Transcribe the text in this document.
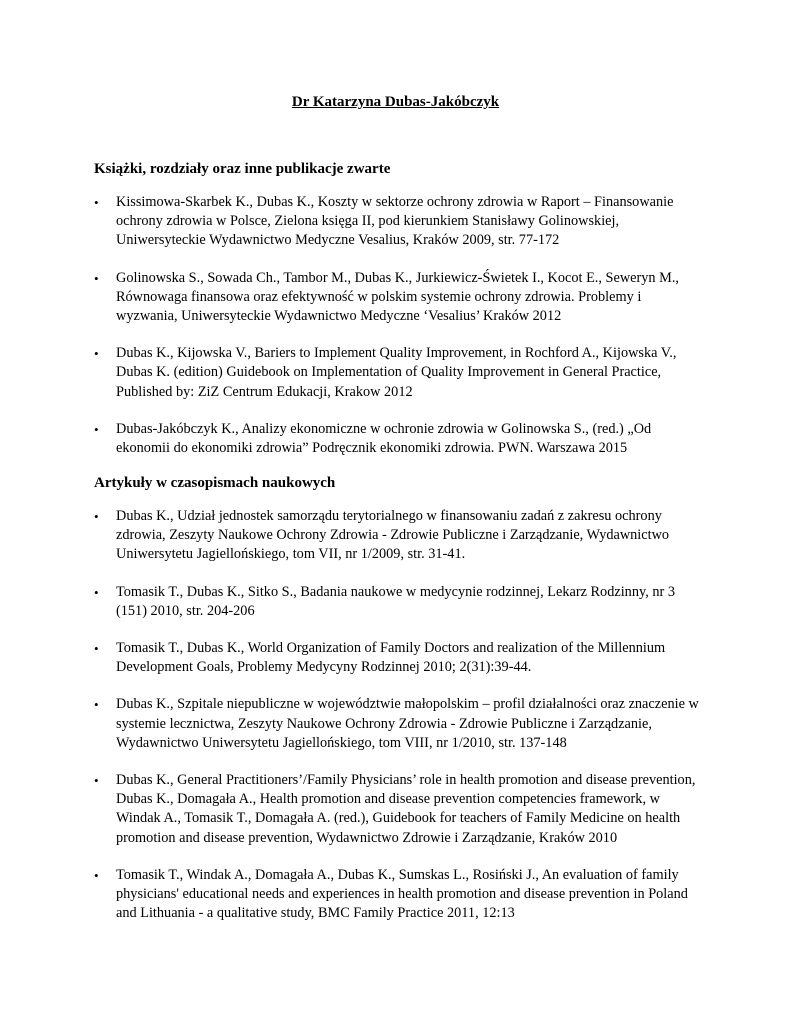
Dr Katarzyna Dubas-Jakóbczyk
Książki, rozdziały oraz inne publikacje zwarte
• Kissimowa-Skarbek K., Dubas K., Koszty w sektorze ochrony zdrowia w Raport – Finansowanie
ochrony zdrowia w Polsce, Zielona księga II, pod kierunkiem Stanisławy Golinowskiej,
Uniwersyteckie Wydawnictwo Medyczne Vesalius, Kraków 2009, str. 77-172
• Golinowska S., Sowada Ch., Tambor M., Dubas K., Jurkiewicz-Świetek I., Kocot E., Seweryn M.,
Równowaga finansowa oraz efektywność w polskim systemie ochrony zdrowia. Problemy i
wyzwania, Uniwersyteckie Wydawnictwo Medyczne ‘Vesalius’ Kraków 2012
• Dubas K., Kijowska V., Bariers to Implement Quality Improvement, in Rochford A., Kijowska V.,
Dubas K. (edition) Guidebook on Implementation of Quality Improvement in General Practice,
Published by: ZiZ Centrum Edukacji, Krakow 2012
• Dubas-Jakóbczyk K., Analizy ekonomiczne w ochronie zdrowia w Golinowska S., (red.) „Od
ekonomii do ekonomiki zdrowia” Podręcznik ekonomiki zdrowia. PWN. Warszawa 2015
Artykuły w czasopismach naukowych
• Dubas K., Udział jednostek samorządu terytorialnego w finansowaniu zadań z zakresu ochrony
zdrowia, Zeszyty Naukowe Ochrony Zdrowia - Zdrowie Publiczne i Zarządzanie, Wydawnictwo
Uniwersytetu Jagiellońskiego, tom VII, nr 1/2009, str. 31-41.
• Tomasik T., Dubas K., Sitko S., Badania naukowe w medycynie rodzinnej, Lekarz Rodzinny, nr 3
(151) 2010, str. 204-206
• Tomasik T., Dubas K., World Organization of Family Doctors and realization of the Millennium
Development Goals, Problemy Medycyny Rodzinnej 2010; 2(31):39-44.
• Dubas K., Szpitale niepubliczne w województwie małopolskim – profil działalności oraz znaczenie w
systemie lecznictwa, Zeszyty Naukowe Ochrony Zdrowia - Zdrowie Publiczne i Zarządzanie,
Wydawnictwo Uniwersytetu Jagiellońskiego, tom VIII, nr 1/2010, str. 137-148
• Dubas K., General Practitioners’/Family Physicians’ role in health promotion and disease prevention,
Dubas K., Domagała A., Health promotion and disease prevention competencies framework, w
Windak A., Tomasik T., Domagała A. (red.), Guidebook for teachers of Family Medicine on health
promotion and disease prevention, Wydawnictwo Zdrowie i Zarządzanie, Kraków 2010
• Tomasik T., Windak A., Domagała A., Dubas K., Sumskas L., Rosiński J., An evaluation of family
physicians' educational needs and experiences in health promotion and disease prevention in Poland
and Lithuania - a qualitative study, BMC Family Practice 2011, 12:13
